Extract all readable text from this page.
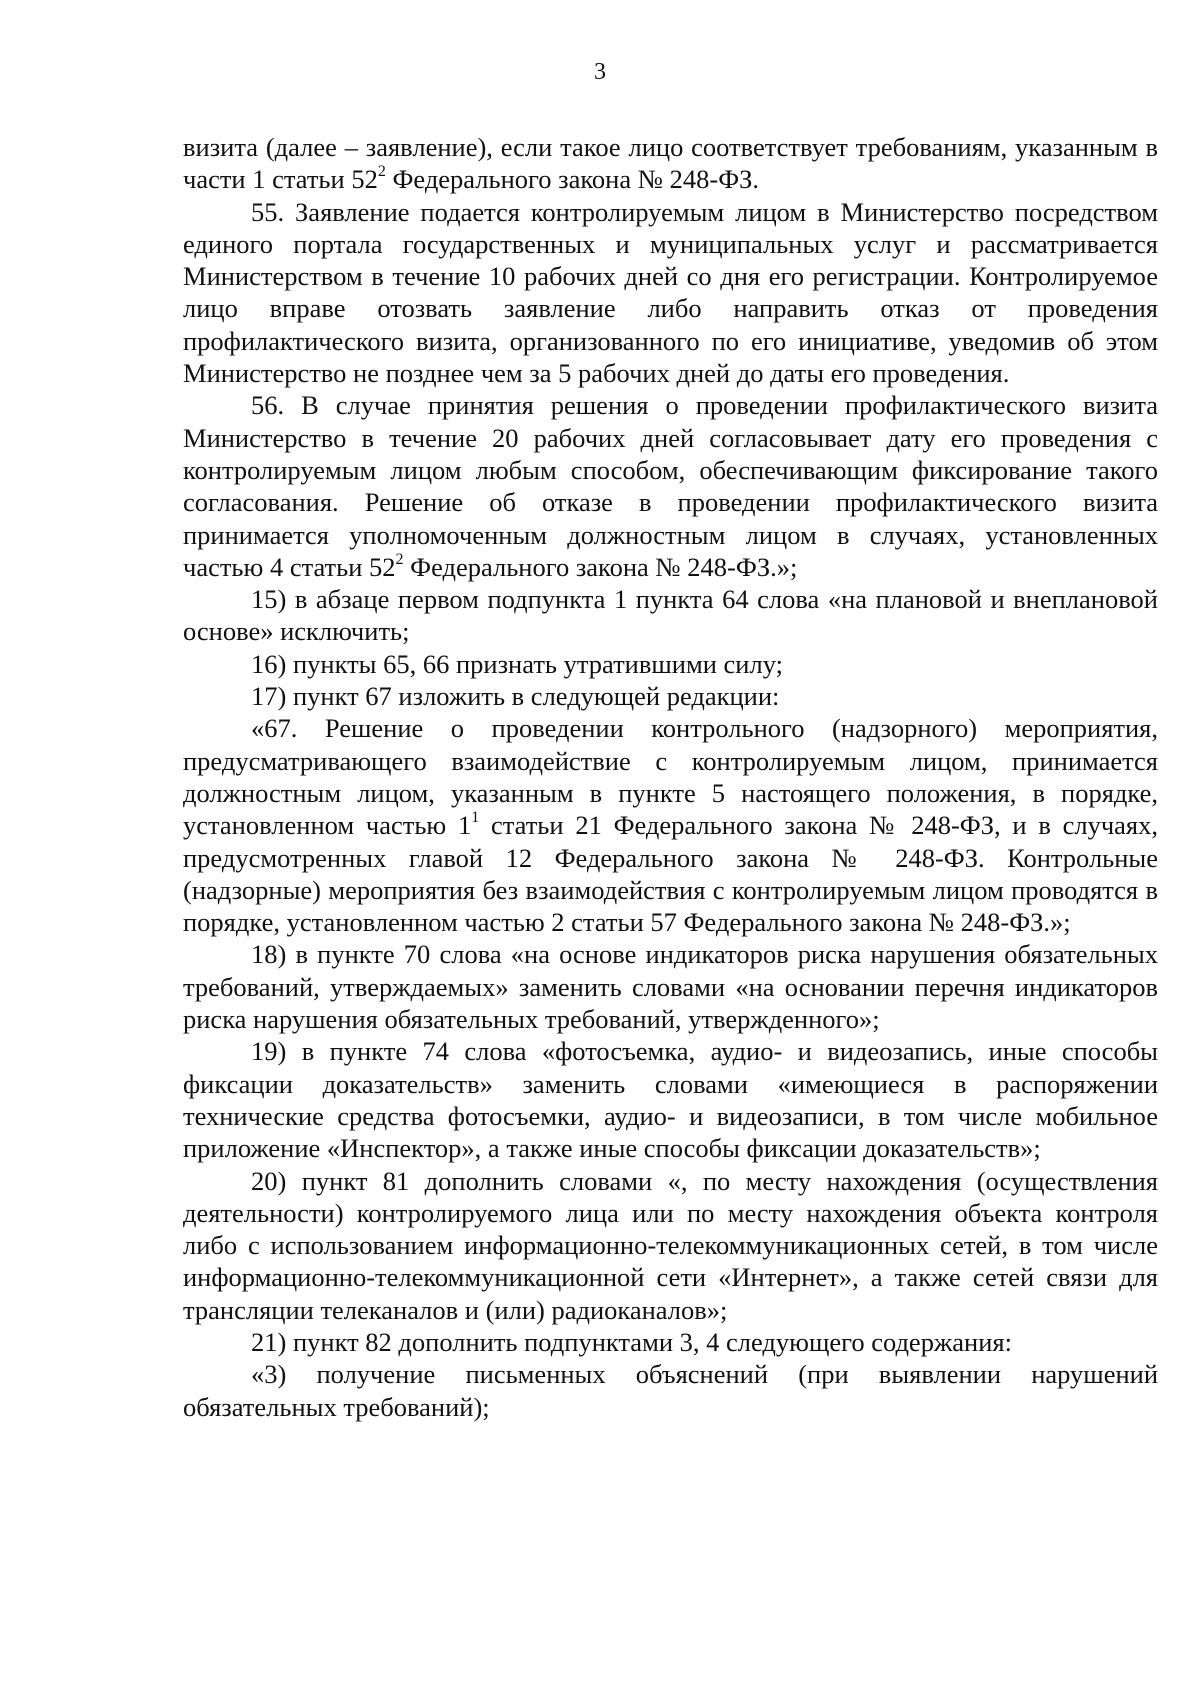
3

визита (далее – заявление), если такое лицо соответствует требованиям, указанным в части 1 статьи $52^2$ Федерального закона № 248-ФЗ.

55. Заявление подается контролируемым лицом в Министерство посредством единого портала государственных и муниципальных услуг и рассматривается Министерством в течение 10 рабочих дней со дня его регистрации. Контролируемое лицо вправе отозвать заявление либо направить отказ от проведения профилактического визита, организованного по его инициативе, уведомив об этом Министерство не позднее чем за 5 рабочих дней до даты его проведения.

56. В случае принятия решения о проведении профилактического визита Министерство в течение 20 рабочих дней согласовывает дату его проведения с контролируемым лицом любым способом, обеспечивающим фиксирование такого согласования. Решение об отказе в проведении профилактического визита принимается уполномоченным должностным лицом в случаях, установленных частью 4 статьи $52^2$ Федерального закона № 248-ФЗ.»;

15) в абзаце первом подпункта 1 пункта 64 слова «на плановой и внеплановой основе» исключить;

16) пункты 65, 66 признать утратившими силу;

17) пункт 67 изложить в следующей редакции:

«67. Решение о проведении контрольного (надзорного) мероприятия, предусматривающего взаимодействие с контролируемым лицом, принимается должностным лицом, указанным в пункте 5 настоящего положения, в порядке, установленном частью $1^1$ статьи 21 Федерального закона № 248-ФЗ, и в случаях, предусмотренных главой 12 Федерального закона № 248-ФЗ. Контрольные (надзорные) мероприятия без взаимодействия с контролируемым лицом проводятся в порядке, установленном частью 2 статьи 57 Федерального закона № 248-ФЗ.»;

18) в пункте 70 слова «на основе индикаторов риска нарушения обязательных требований, утверждаемых» заменить словами «на основании перечня индикаторов риска нарушения обязательных требований, утвержденного»;

19) в пункте 74 слова «фотосъемка, аудио- и видеозапись, иные способы фиксации доказательств» заменить словами «имеющиеся в распоряжении технические средства фотосъемки, аудио- и видеозаписи, в том числе мобильное приложение «Инспектор», а также иные способы фиксации доказательств»;

20) пункт 81 дополнить словами «, по месту нахождения (осуществления деятельности) контролируемого лица или по месту нахождения объекта контроля либо с использованием информационно-телекоммуникационных сетей, в том числе информационно-телекоммуникационной сети «Интернет», а также сетей связи для трансляции телеканалов и (или) радиоканалов»;

21) пункт 82 дополнить подпунктами 3, 4 следующего содержания:

«3) получение письменных объяснений (при выявлении нарушений обязательных требований);
